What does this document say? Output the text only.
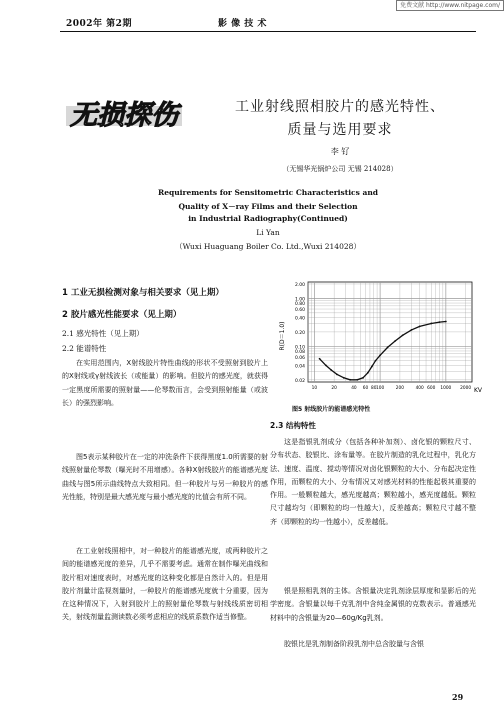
免费文献 http://www.nitpage.com/
2002年 第2期	影 像 技 术
无损探伤	工业射线照相胶片的感光特性、
质量与选用要求
李 钌
（无锡华光锅炉公司 无锡 214028）
Requirements for Sensitometric Characteristics and
Quality of X－ray Films and their Selection
in Industrial Radiography(Continued)
Li Yan
（Wuxi Huaguang Boiler Co. Ltd.,Wuxi 214028）
1 工业无损检测对象与相关要求（见上期）
2 胶片感光性能要求（见上期）
2.1 感光特性（见上期）
2.2 能谱特性
在实用范围内，X射线胶片特性曲线的形状不受照射到胶片上的X射线或γ射线波长（或能量）的影响。但胶片的感光度，就获得一定黑度所需要的照射量——伦琴数而言，会受到照射能量（或波长）的强烈影响。
图5表示某种胶片在一定的冲洗条件下获得黑度1.0所需要的射线照射量伦琴数（曝光时不用增感）。各种X射线胶片的能谱感光度曲线与图5所示曲线特点大致相同。但一种胶片与另一种胶片的感光性能，特别是最大感光度与最小感光度的比值会有所不同。
在工业射线照相中，对一种胶片的能谱感光度，或两种胶片之间的能谱感光度的差异，几乎不需要考虑。通常在制作曝光曲线和胶片相对速度表时，对感光度的这种变化都是自然计入的。但是用胶片剂量计监视剂量时，一种胶片的能谱感光度就十分重要，因为在这种情况下，入射到胶片上的照射量伦琴数与射线线质密切相关，射线剂量监测读数必须考虑相应的线质系数作适当修整。
2.00
1.00
0.80
0.60
0.40
0.20
0.10
0.08
0.06
0.04
0.02
10	20	40 60 80 100	200	400 600 1000 2000
R(D＝1.0)
KV
图5 射线胶片的能谱感光特性
2.3 结构特性
这是指银乳剂成分（包括各种补加剂）、卤化银的颗粒尺寸、分布状态、胶银比、涂布量等。在胶片制造的乳化过程中，乳化方法、速度、温度、搅动等情况对卤化银颗粒的大小、分布起决定性作用，而颗粒的大小、分布情况又对感光材料的性能起极其重要的作用。一般颗粒越大，感光度越高；颗粒越小，感光度越低。颗粒尺寸越均匀（即颗粒的均一性越大），反差越高；颗粒尺寸越不整齐（即颗粒的均一性越小），反差越低。
银是照相乳剂的主体。含银量决定乳剂涂层厚度和显影后的光学密度。含银量以每千克乳剂中含纯金属银的克数表示。普通感光材料中的含银量为20—60g/Kg乳剂。
胶银比是乳剂制备阶段乳剂中总含胶量与含银
29
